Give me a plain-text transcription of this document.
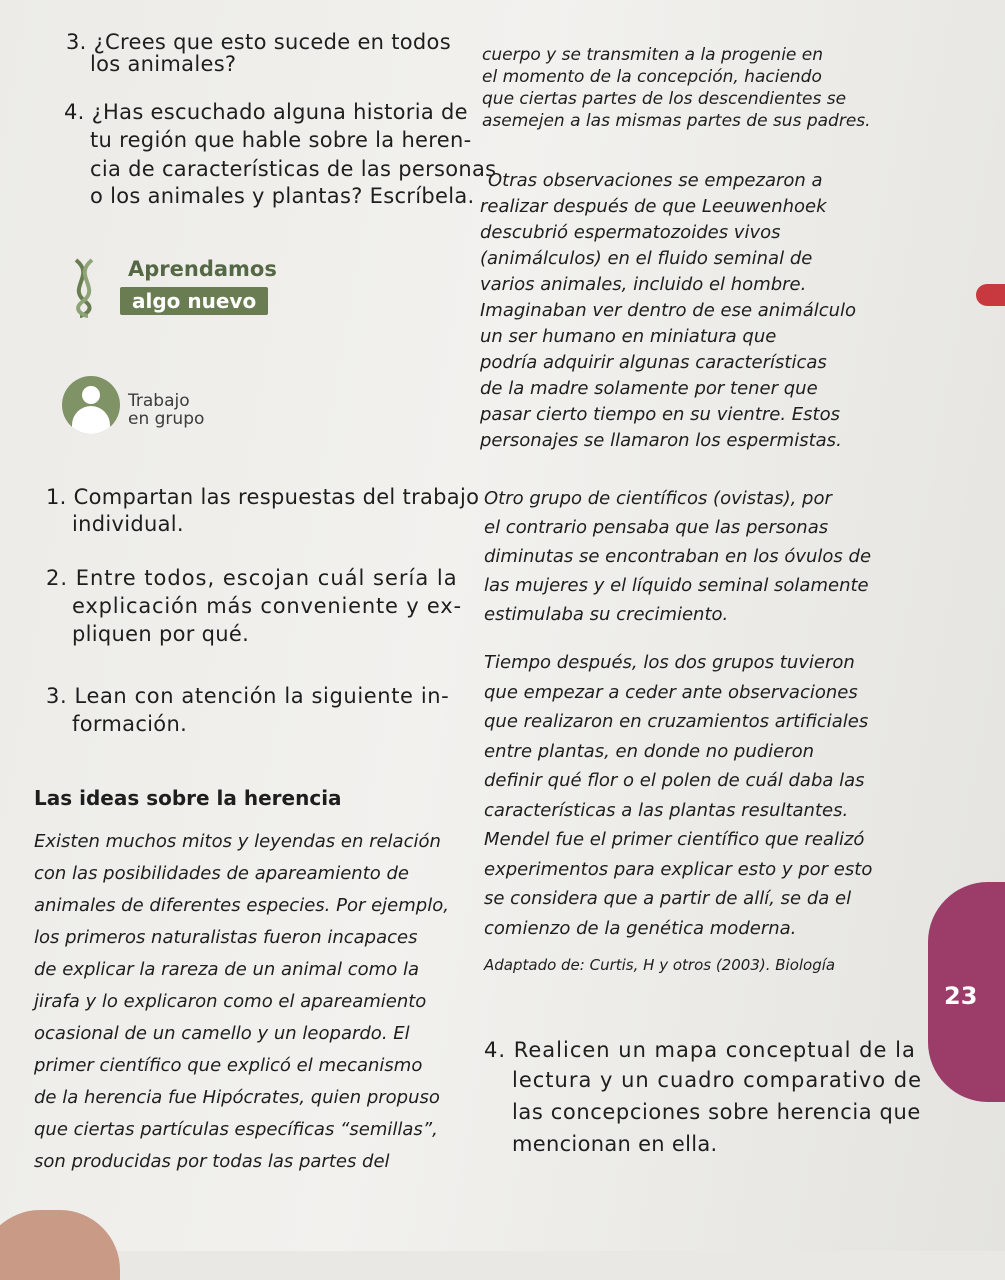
3. ¿Crees que esto sucede en todos
los animales?
4. ¿Has escuchado alguna historia de
tu región que hable sobre la heren-
cia de características de las personas
o los animales y plantas? Escríbela.
Aprendamos
algo nuevo
Trabajo
en grupo
1. Compartan las respuestas del trabajo
individual.
2. Entre todos, escojan cuál sería la
explicación más conveniente y ex-
pliquen por qué.
3. Lean con atención la siguiente in-
formación.
Las ideas sobre la herencia
Existen muchos mitos y leyendas en relación
con las posibilidades de apareamiento de
animales de diferentes especies. Por ejemplo,
los primeros naturalistas fueron incapaces
de explicar la rareza de un animal como la
jirafa y lo explicaron como el apareamiento
ocasional de un camello y un leopardo. El
primer científico que explicó el mecanismo
de la herencia fue Hipócrates, quien propuso
que ciertas partículas específicas “semillas”,
son producidas por todas las partes del
cuerpo y se transmiten a la progenie en
el momento de la concepción, haciendo
que ciertas partes de los descendientes se
asemejen a las mismas partes de sus padres.
Otras observaciones se empezaron a
realizar después de que Leeuwenhoek
descubrió espermatozoides vivos
(animálculos) en el fluido seminal de
varios animales, incluido el hombre.
Imaginaban ver dentro de ese animálculo
un ser humano en miniatura que
podría adquirir algunas características
de la madre solamente por tener que
pasar cierto tiempo en su vientre. Estos
personajes se llamaron los espermistas.
Otro grupo de científicos (ovistas), por
el contrario pensaba que las personas
diminutas se encontraban en los óvulos de
las mujeres y el líquido seminal solamente
estimulaba su crecimiento.
Tiempo después, los dos grupos tuvieron
que empezar a ceder ante observaciones
que realizaron en cruzamientos artificiales
entre plantas, en donde no pudieron
definir qué flor o el polen de cuál daba las
características a las plantas resultantes.
Mendel fue el primer científico que realizó
experimentos para explicar esto y por esto
se considera que a partir de allí, se da el
comienzo de la genética moderna.
Adaptado de: Curtis, H y otros (2003). Biología
4. Realicen un mapa conceptual de la
lectura y un cuadro comparativo de
las concepciones sobre herencia que
mencionan en ella.
23
